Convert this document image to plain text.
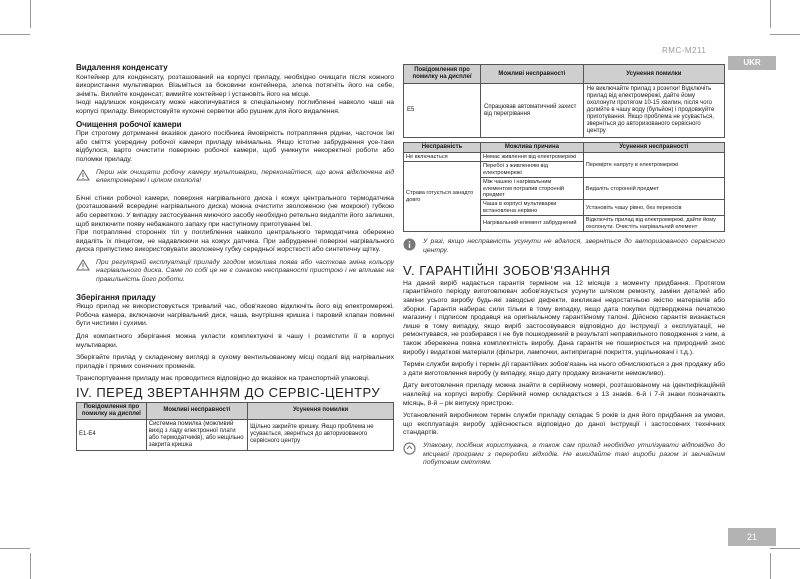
RMC-M211
UKR
21
Видалення конденсату

Контейнер для конденсату, розташований на корпусі приладу, необхідно очищати після кожного використання мультиварки. Візьміться за боковини контейнера, злегка потягніть його на себе, зніміть. Вилийте конденсат; вимийте контейнер і установіть його на місце.

Іноді надлишок конденсату може накопичуватися в спеціальному поглибленні навколо чаші на корпусі приладу. Використовуйте кухонні серветки або рушник для його видалення.

Очищення робочої камери

При строгому дотриманні вказівок даного посібника ймовірність потрапляння рідини, часточок їжі або сміття усередину робочої камери приладу мінімальна. Якщо істотне забруднення усе-таки відбулося, варто очистити поверхню робочої камери, щоб уникнути некоректної роботи або поломки приладу.

Перш ніж очищати робочу камеру мультиварки, переконайтеся, що вона відключена від електромережі і цілком охолола!

Бічні стінки робочої камери, поверхня нагрівального диска і кожух центрального термодатчика (розташований всередині нагрівального диска) можна очистити зволоженою (не мокрою!) губкою або серветкою. У випадку застосування миючого засобу необхідно ретельно видаліти його залишки, щоб виключити появу небажаного запаху при наступному приготуванні їжі.

При потраплянні сторонніх тіл у поглиблення навколо центрального термодатчика обережно видаліть їх пінцетом, не надавлюючи на кожух датчика. При забрудненні поверхні нагрівального диска припустимо використовувати зволожену губку середньої жорсткості або синтетичну щітку.

При регулярній експлуатації приладу згодом можлива поява або часткова зміна кольору нагрівального диска. Саме по собі це не є ознакою несправності пристрою і не впливає на правильність його роботи.

Зберігання приладу

Якщо прилад не використовується тривалий час, обов'язково відключіть його від електромережі. Робоча камера, включаючи нагрівальний диск, чаша, внутрішня кришка і паровий клапан повинні бути чистими і сухими.

Для компактного зберігання можна укласти комплектуючі в чашу і розмістити її в корпусі мультиварки.

Зберігайте прилад у складеному вигляді в сухому вентильованому місці подалі від нагрівальних приладів і прямих сонячних променів.

Транспортування приладу має проводитися відповідно до вказівок на транспортній упаковці.

IV. ПЕРЕД ЗВЕРТАННЯМ ДО СЕРВІС-ЦЕНТРУ
Повідомлення про помилку на дисплеї	Можливі несправності	Усунення помилки
E1-E4	Системна помилка (можливий вихід з ладу електронної плати або термодатчиків), або нещільно закрита кришка	Щільно закрийте кришку. Якщо проблема не усувається, зверніться до авторизованого сервісного центру
Повідомлення про помилку на дисплеї	Можливі несправності	Усунення помилки
E5	Спрацював автоматичний захист від перегрівання	Не виключайте прилад з розетки! Відключіть прилад від електромережі, дайте йому охолонути протягом 10-15 хвилин, після чого долийте в чашу воду (бульйон) і продовжуйте приготування. Якщо проблема не усувається, зверніться до авторизованого сервісного центру
Несправність	Можлива причина	Усунення несправності
Не включається	Немає живлення від електромережі	Перевірте напругу в електромережі
Страва готується занадто довго	Перебої з живленням від електромережі	
	Між чашею і нагрівальним елементом потрапив сторонній предмет	Видаліть сторонній предмет
	Чаша в корпусі мультиварки встановлена нерівно	Установіть чашу рівно, без перекосів
	Нагрівальний елемент забруднений	Відключіть прилад від електромережі, дайте йому охолонути. Очистіть нагрівальний елемент

У разі, якщо несправність усунути не вдалося, зверніться до авторизованого сервісного центру.

V. ГАРАНТІЙНІ ЗОБОВ'ЯЗАННЯ

На даний виріб надається гарантія терміном на 12 місяців з моменту придбання. Протягом гарантійного періоду виготовлювач зобов'язується усунути шляхом ремонту, заміни деталей або заміни усього виробу будь-які заводські дефекти, викликані недостатньою якістю матеріалів або зборки. Гарантія набирає сили тільки в тому випадку, якщо дата покупки підтверджена печаткою магазину і підписом продавця на оригінальному гарантійному талоні. Дійсною гарантія визнається лише в тому випадку, якщо виріб застосовувався відповідно до інструкції з експлуатації, не ремонтувався, не розбирався і не був пошкоджений в результаті неправильного поводження з ним, а також збережена повна комплектність виробу. Дана гарантія не поширюється на природний знос виробу і видаткові матеріали (фільтри, лампочки, антипригарні покриття, ущільнювачі і т.д.).

Термін служби виробу і термін дії гарантійних зобов'язань на нього обчислюються з дня продажу або з дати виготовлення виробу (у випадку, якщо дату продажу визначити неможливо).

Дату виготовлення приладу можна знайти в серійному номері, розташованому на ідентифікаційній наклейці на корпусі виробу. Серійний номер складається з 13 знаків. 6-й і 7-й знаки позначають місяць, 8-й – рік випуску пристрою.

Установлений виробником термін служби приладу складає 5 років із дня його придбання за умови, що експлуатація виробу здійснюється відповідно до даної інструкції і застосовних технічних стандартів.

Упаковку, посібник користувача, а також сам прилад необхідно утилізувати відповідно до місцевої програми з переробки відходів. Не викидайте такі вироби разом зі звичайним побутовим сміттям.
